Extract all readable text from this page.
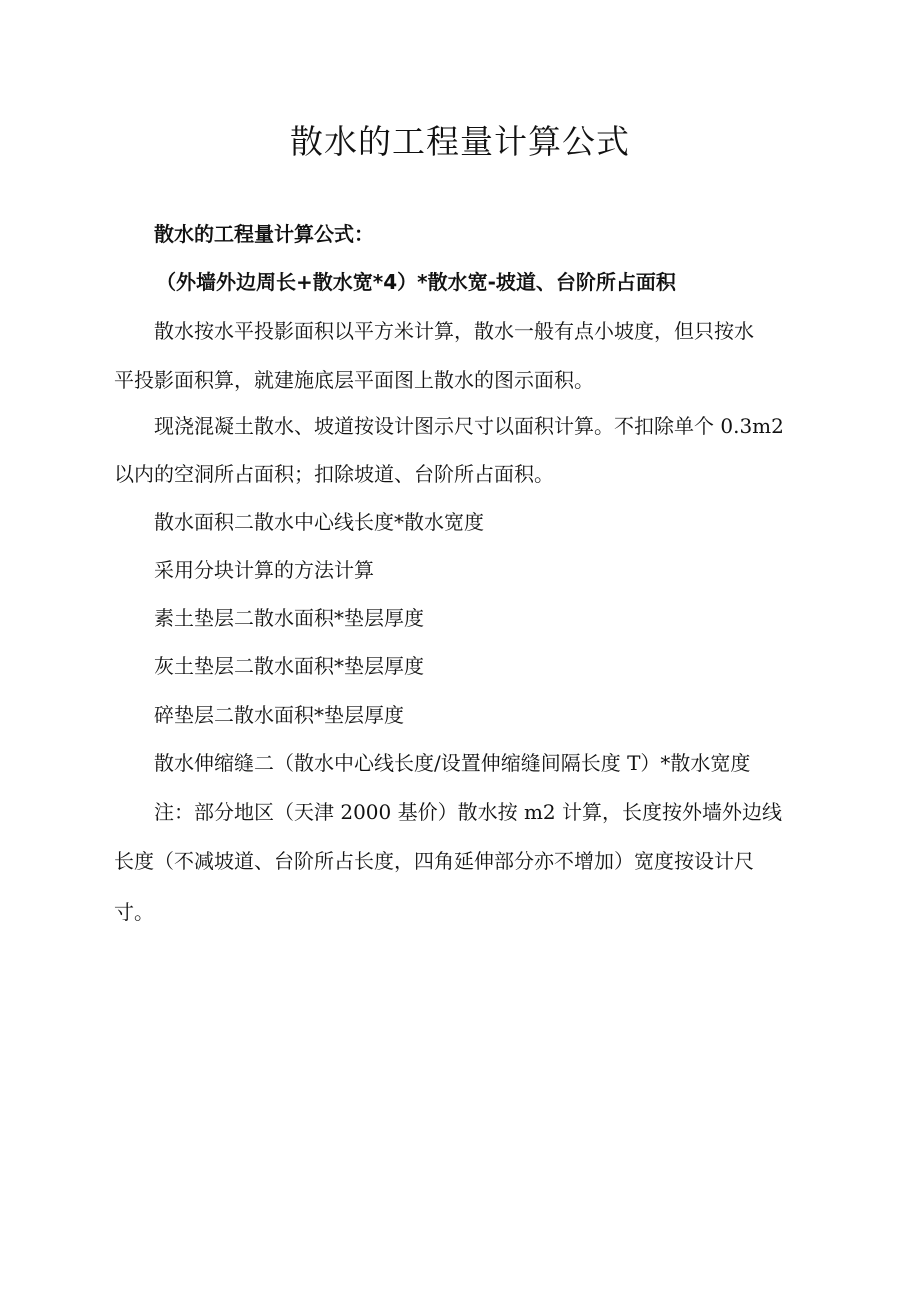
散水的工程量计算公式

散水的工程量计算公式：

（外墙外边周长+散水宽*4）*散水宽-坡道、台阶所占面积

散水按水平投影面积以平方米计算，散水一般有点小坡度，但只按水

平投影面积算，就建施底层平面图上散水的图示面积。

现浇混凝土散水、坡道按设计图示尺寸以面积计算。不扣除单个 0.3m2

以内的空洞所占面积；扣除坡道、台阶所占面积。

散水面积二散水中心线长度*散水宽度

采用分块计算的方法计算

素土垫层二散水面积*垫层厚度

灰土垫层二散水面积*垫层厚度

碎垫层二散水面积*垫层厚度

散水伸缩缝二（散水中心线长度/设置伸缩缝间隔长度 T）*散水宽度

注：部分地区（天津 2000 基价）散水按 m2 计算，长度按外墙外边线

长度（不减坡道、台阶所占长度，四角延伸部分亦不增加）宽度按设计尺

寸。
